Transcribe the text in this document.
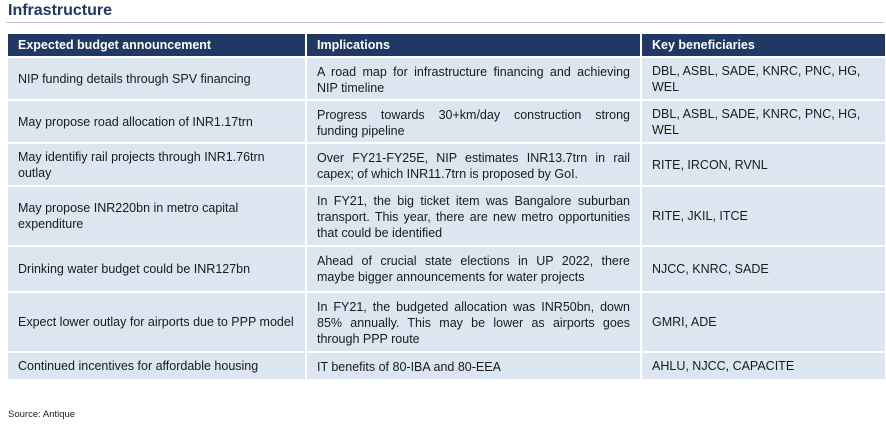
Infrastructure
Expected budget announcement	Implications	Key beneficiaries
NIP funding details through SPV financing	A road map for infrastructure financing and achieving NIP timeline	DBL, ASBL, SADE, KNRC, PNC, HG, WEL
May propose road allocation of INR1.17trn	Progress towards 30+km/day construction strong funding pipeline	DBL, ASBL, SADE, KNRC, PNC, HG, WEL
May identifiy rail projects through INR1.76trn outlay	Over FY21-FY25E, NIP estimates INR13.7trn in rail capex; of which INR11.7trn is proposed by GoI.	RITE, IRCON, RVNL
May propose INR220bn in metro capital expenditure	In FY21, the big ticket item was Bangalore suburban transport. This year, there are new metro opportunities that could be identified	RITE, JKIL, ITCE
Drinking water budget could be INR127bn	Ahead of crucial state elections in UP 2022, there maybe bigger announcements for water projects	NJCC, KNRC, SADE
Expect lower outlay for airports due to PPP model	In FY21, the budgeted allocation was INR50bn, down 85% annually. This may be lower as airports goes through PPP route	GMRI, ADE
Continued incentives for affordable housing	IT benefits of 80-IBA and 80-EEA	AHLU, NJCC, CAPACITE
Source: Antique
